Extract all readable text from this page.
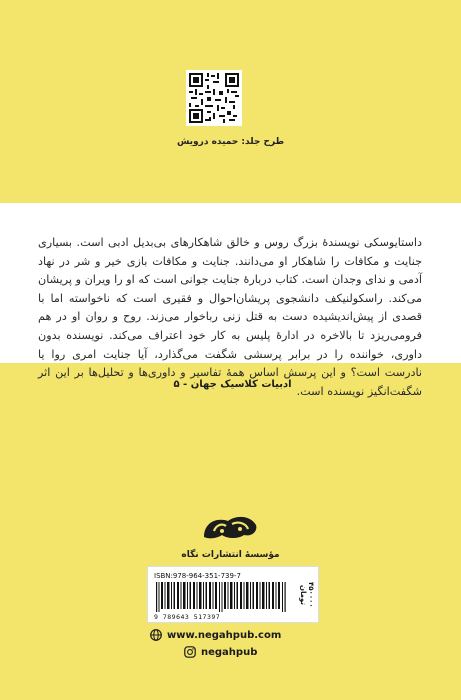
طرح جلد: حمیده درویش

داستایوسکی نویسندهٔ بزرگ روس و خالق شاهکارهای بی‌بدیل ادبی است. بسیاری جنایت و مکافات را شاهکار او می‌دانند. جنایت و مکافات بازی خیر و شر در نهاد آدمی و ندای وجدان است. کتاب دربارهٔ جنایت جوانی است که او را ویران و پریشان می‌کند. راسکولنیکف دانشجوی پریشان‌احوال و فقیری است که ناخواسته اما با قصدی از پیش‌اندیشیده دست به قتل زنی رباخوار می‌زند. روح و روان او در هم فرومی‌ریزد تا بالاخره در ادارهٔ پلیس به کار خود اعتراف می‌کند. نویسنده بدون داوری، خواننده را در برابر پرسشی شگفت می‌گذارد، آیا جنایت امری روا یا نادرست است؟ و این پرسش اساس همهٔ تفاسیر و داوری‌ها و تحلیل‌ها بر این اثر شگفت‌انگیز نویسنده است.

ادبیات کلاسیک جهان - ۵
مؤسسهٔ انتشارات نگاه
ISBN:978-964-351-739-7
9 789643 517397
۴۵۰۰۰۰ تومان
www.negahpub.com
negahpub
